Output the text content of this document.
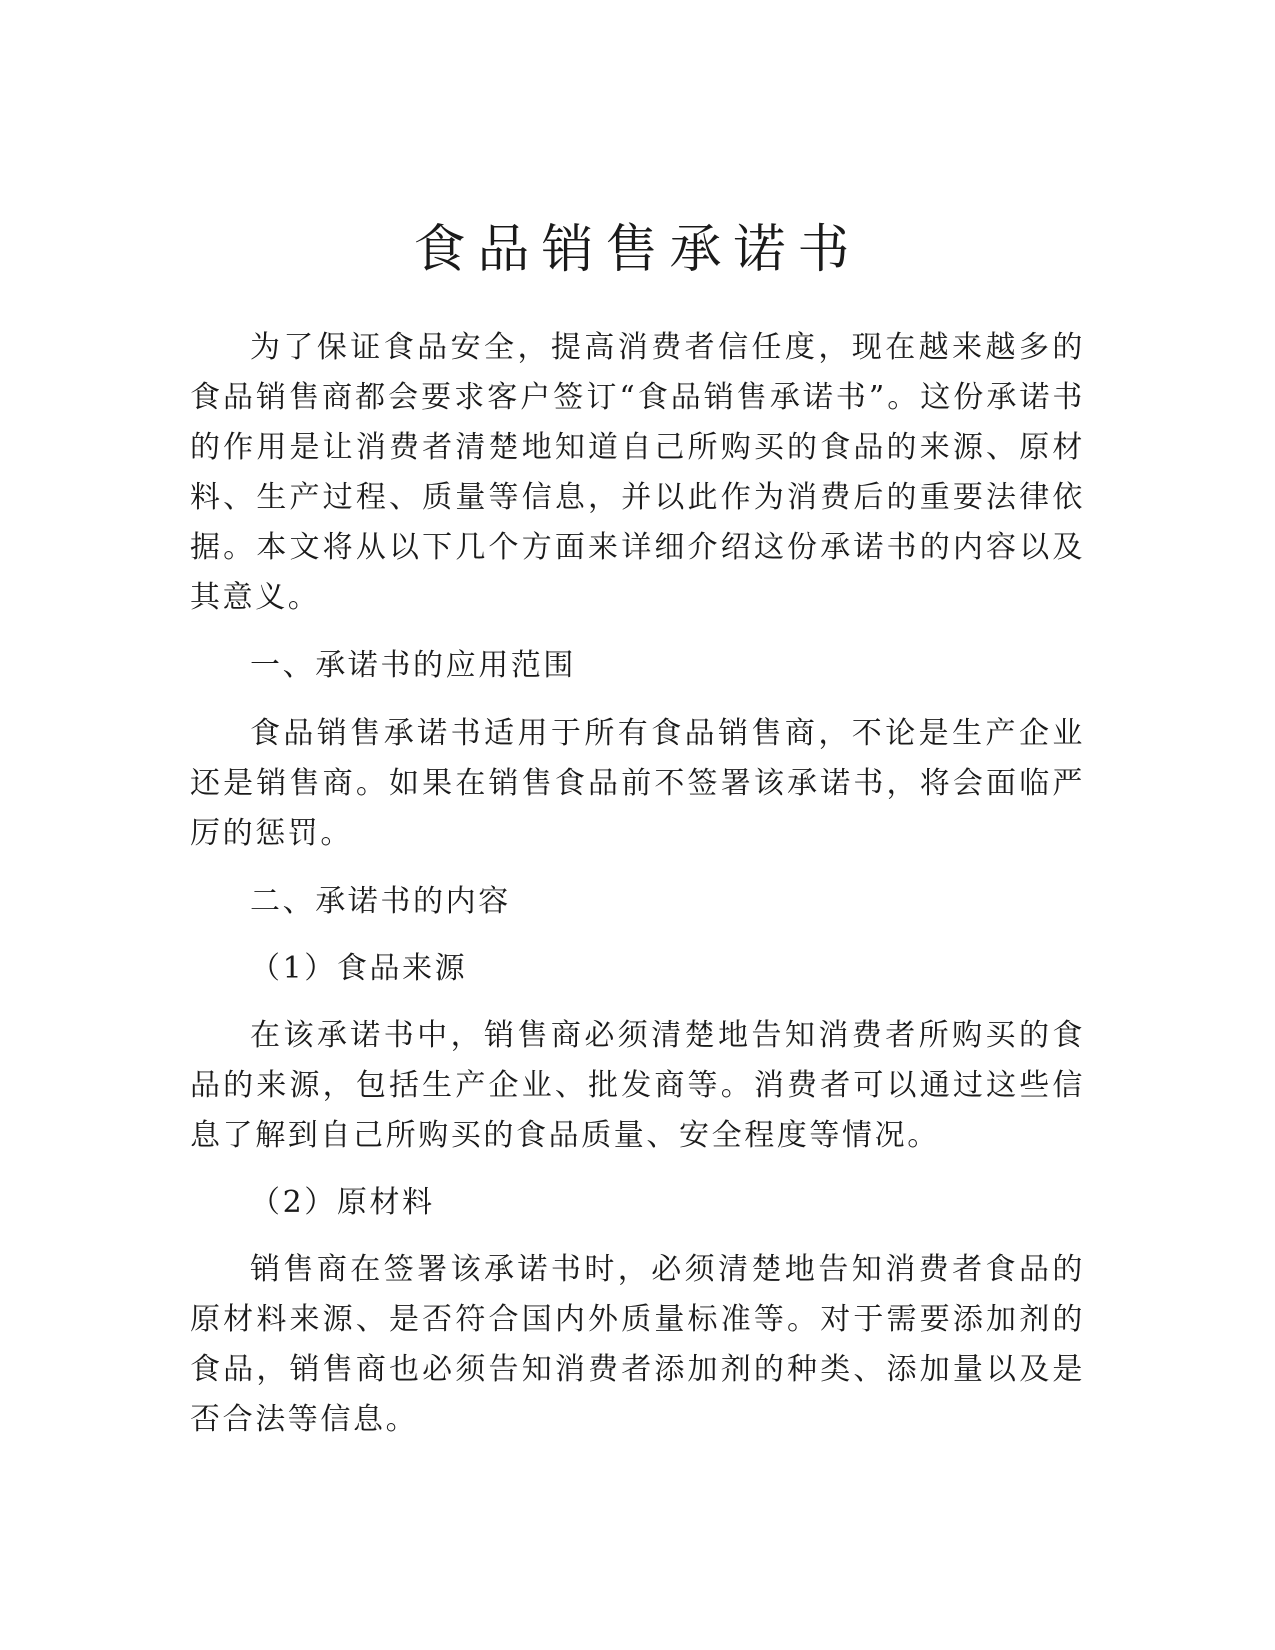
食品销售承诺书

为了保证食品安全，提高消费者信任度，现在越来越多的食品销售商都会要求客户签订“食品销售承诺书”。这份承诺书的作用是让消费者清楚地知道自己所购买的食品的来源、原材料、生产过程、质量等信息，并以此作为消费后的重要法律依据。本文将从以下几个方面来详细介绍这份承诺书的内容以及其意义。

一、承诺书的应用范围

食品销售承诺书适用于所有食品销售商，不论是生产企业还是销售商。如果在销售食品前不签署该承诺书，将会面临严厉的惩罚。

二、承诺书的内容

（1）食品来源

在该承诺书中，销售商必须清楚地告知消费者所购买的食品的来源，包括生产企业、批发商等。消费者可以通过这些信息了解到自己所购买的食品质量、安全程度等情况。

（2）原材料

销售商在签署该承诺书时，必须清楚地告知消费者食品的原材料来源、是否符合国内外质量标准等。对于需要添加剂的食品，销售商也必须告知消费者添加剂的种类、添加量以及是否合法等信息。
